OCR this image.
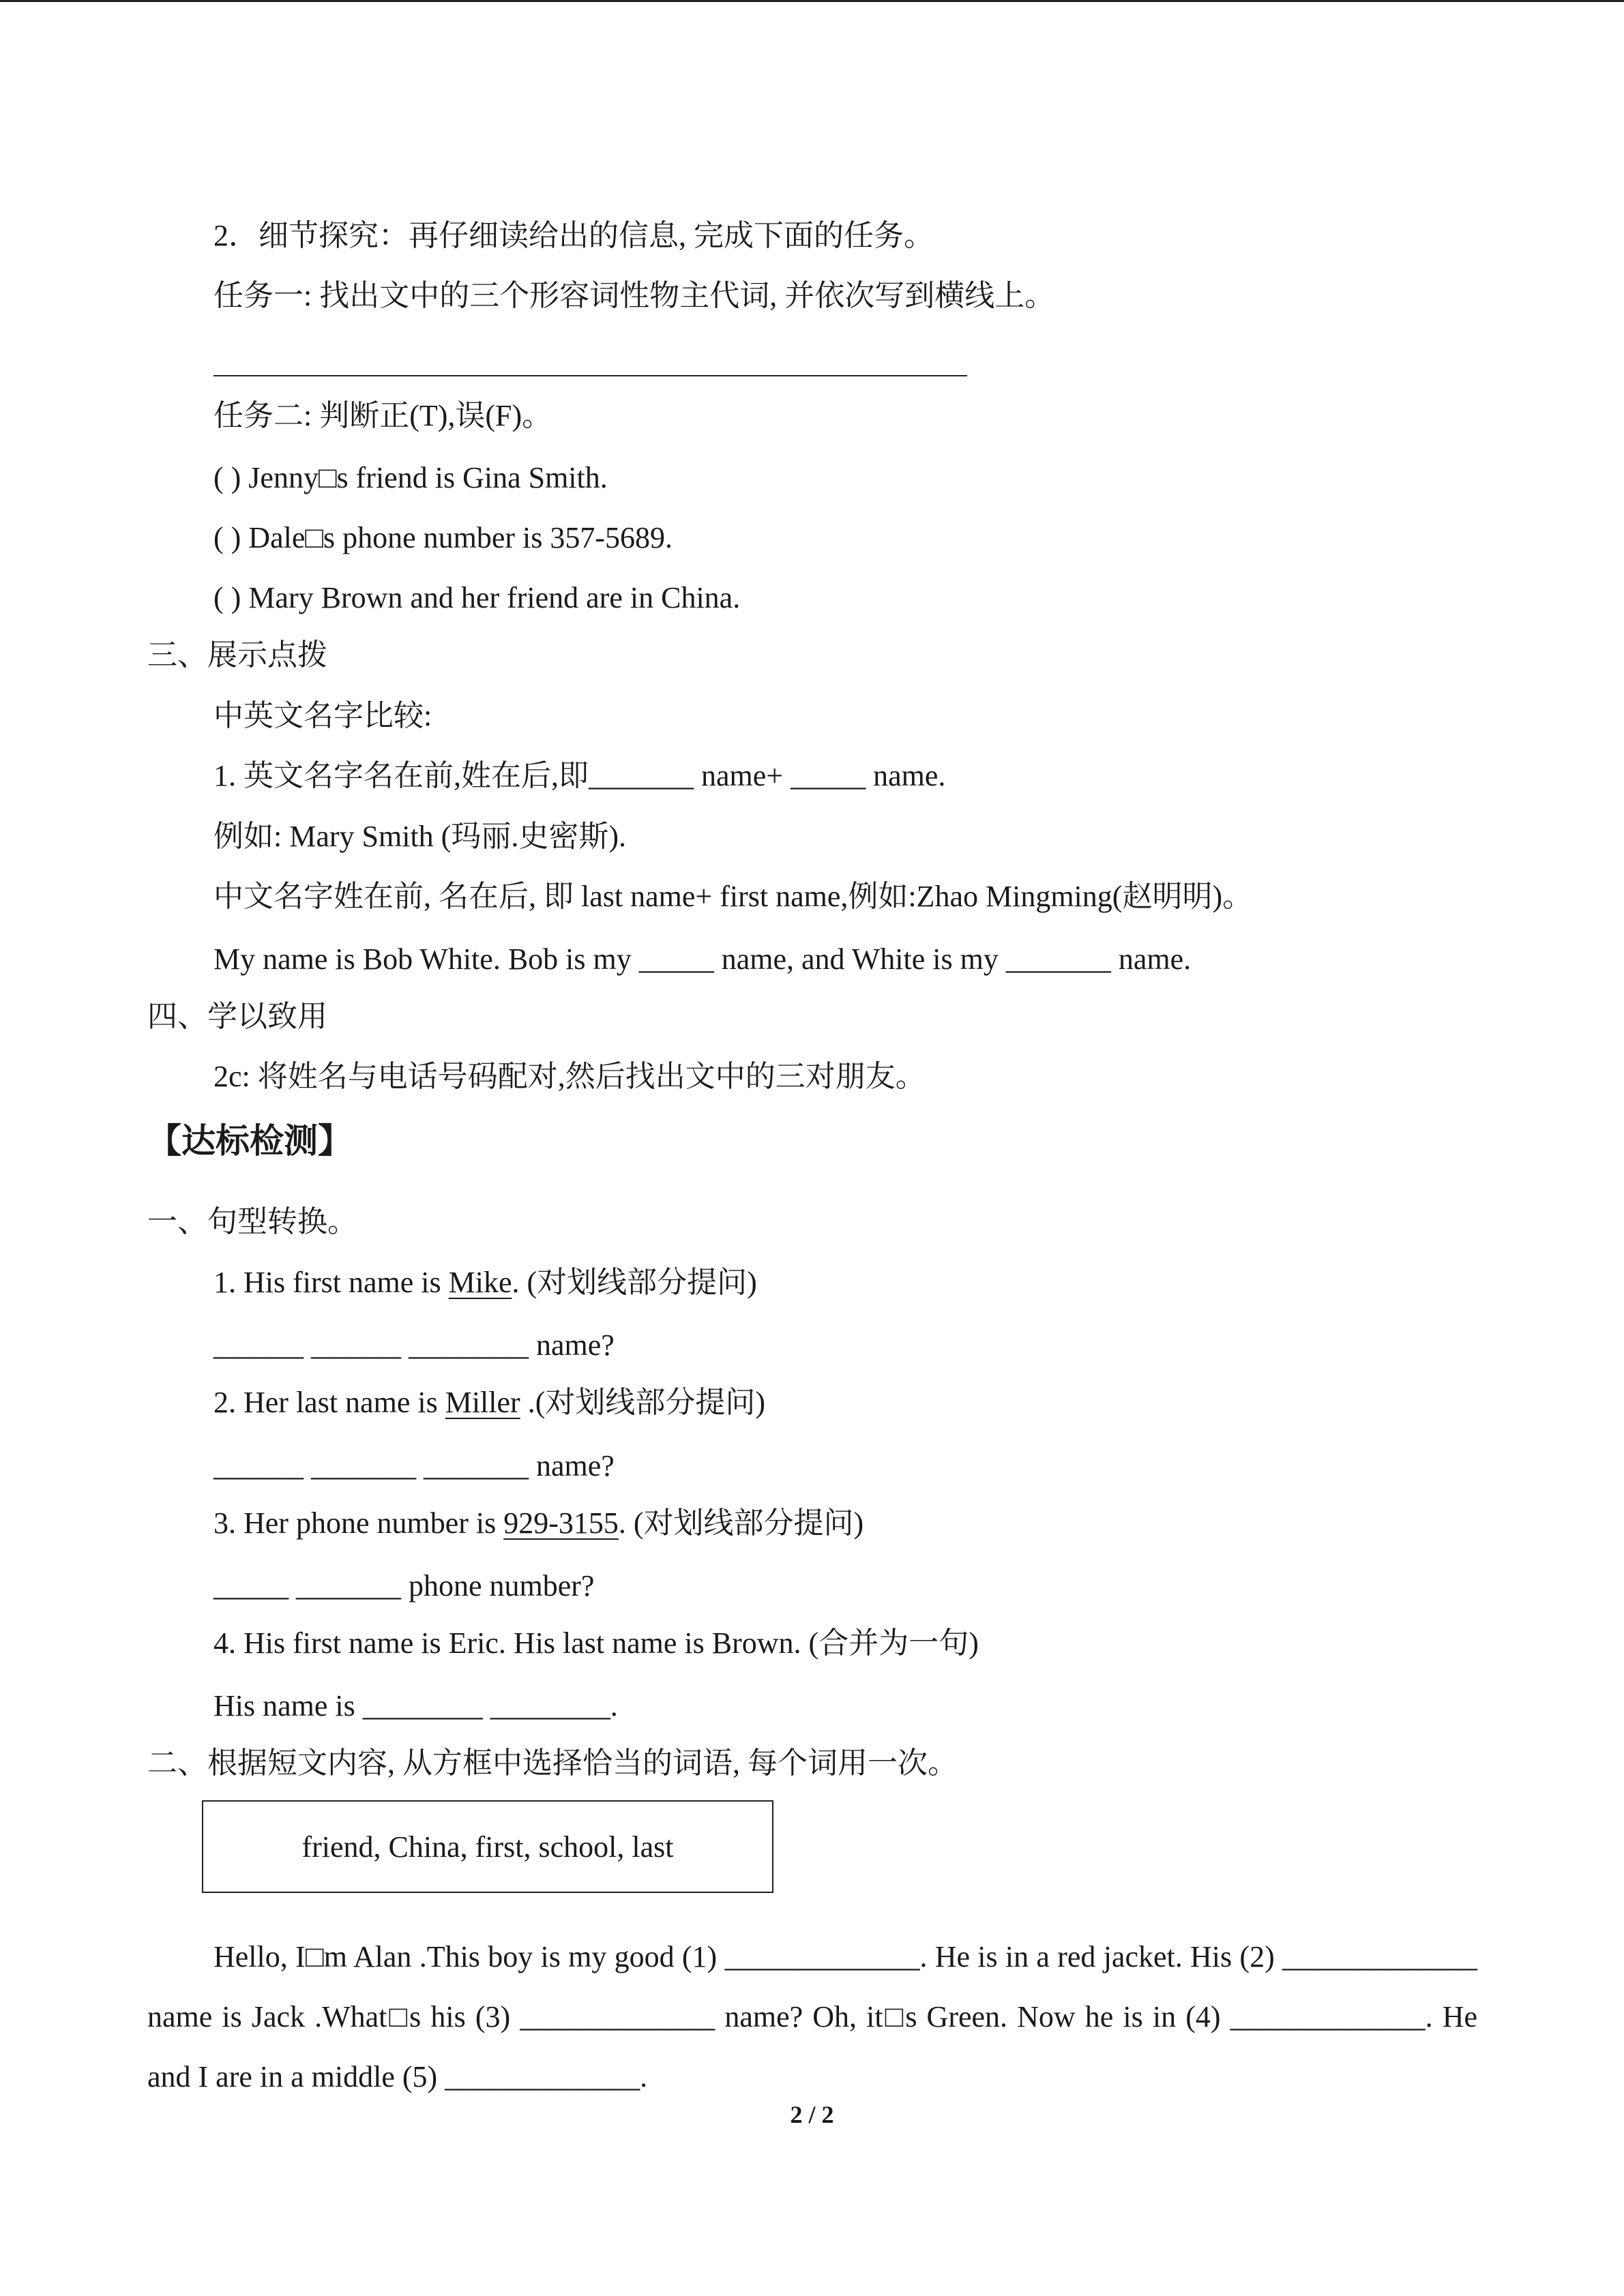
2．细节探究：再仔细读给出的信息, 完成下面的任务。
任务一: 找出文中的三个形容词性物主代词, 并依次写到横线上。
任务二: 判断正(T),误(F)。
( ) Jenny□s friend is Gina Smith.
( ) Dale□s phone number is 357-5689.
( ) Mary Brown and her friend are in China.
三、展示点拨
中英文名字比较:
1. 英文名字名在前,姓在后,即_______ name+ _____ name.
例如: Mary Smith (玛丽.史密斯).
中文名字姓在前, 名在后, 即 last name+ first name,例如:Zhao Mingming(赵明明)。
My name is Bob White. Bob is my _____ name, and White is my _______ name.
四、学以致用
2c: 将姓名与电话号码配对,然后找出文中的三对朋友。
【达标检测】
一、句型转换。
1. His first name is Mike. (对划线部分提问)
______ ______ ________ name?
2. Her last name is Miller .(对划线部分提问)
______ _______ _______ name?
3. Her phone number is 929-3155. (对划线部分提问)
_____ _______ phone number?
4. His first name is Eric. His last name is Brown. (合并为一句)
His name is ________ ________.
二、根据短文内容, 从方框中选择恰当的词语, 每个词用一次。
friend, China, first, school, last
Hello, I□m Alan .This boy is my good (1) _____________. He is in a red jacket. His (2) _____________ name is Jack .What□s his (3) _____________ name? Oh, it□s Green. Now he is in (4) _____________. He and I are in a middle (5) _____________.
2 / 2
